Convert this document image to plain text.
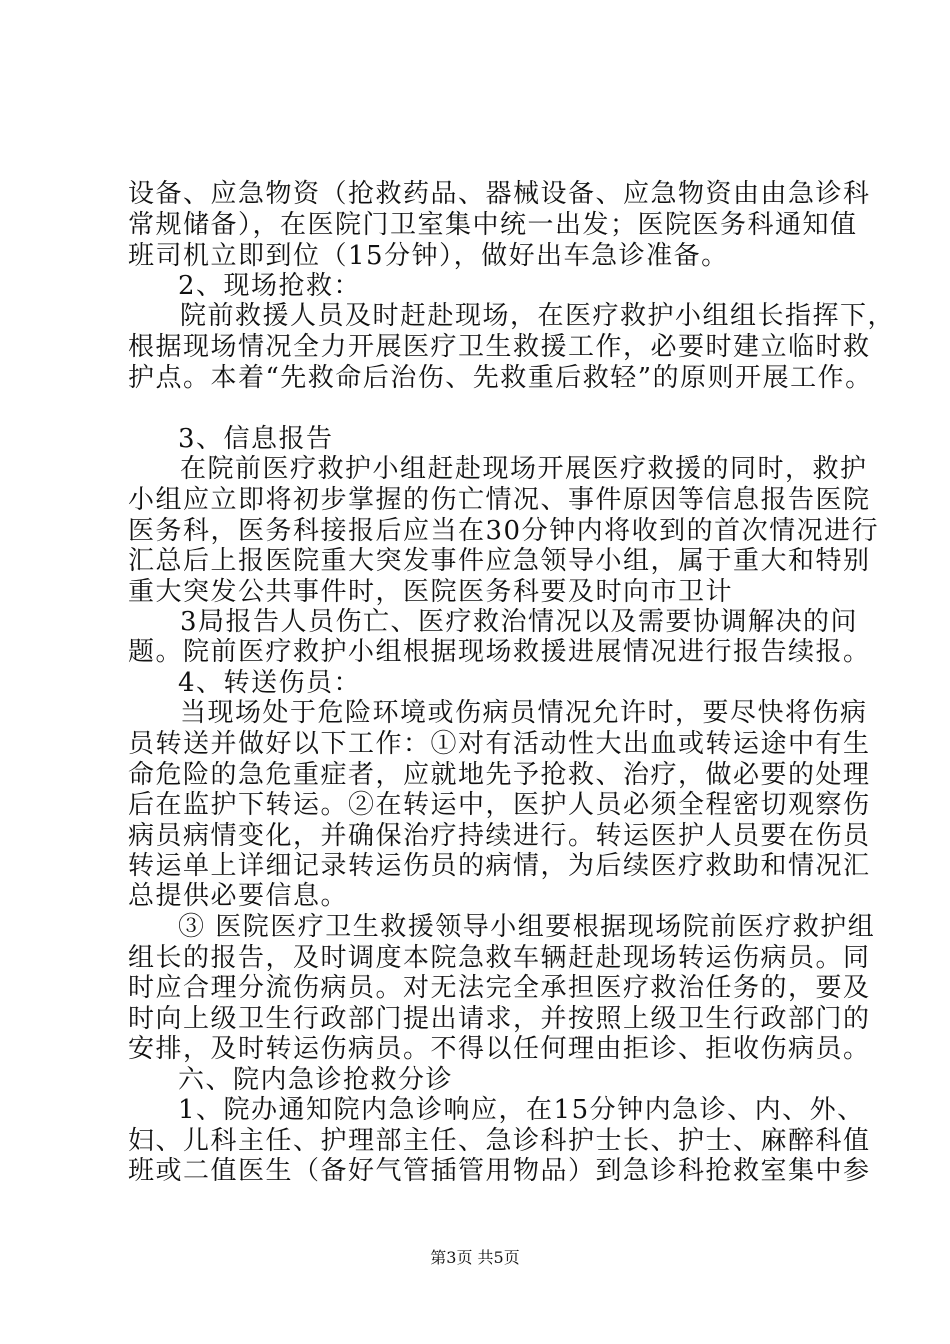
设备、应急物资（抢救药品、器械设备、应急物资由由急诊科
常规储备），在医院门卫室集中统一出发；医院医务科通知值
班司机立即到位（15分钟），做好出车急诊准备。
2、现场抢救：
院前救援人员及时赶赴现场，在医疗救护小组组长指挥下，
根据现场情况全力开展医疗卫生救援工作，必要时建立临时救
护点。本着“先救命后治伤、先救重后救轻”的原则开展工作。
3、信息报告
在院前医疗救护小组赶赴现场开展医疗救援的同时，救护
小组应立即将初步掌握的伤亡情况、事件原因等信息报告医院
医务科，医务科接报后应当在30分钟内将收到的首次情况进行
汇总后上报医院重大突发事件应急领导小组，属于重大和特别
重大突发公共事件时，医院医务科要及时向市卫计
3局报告人员伤亡、医疗救治情况以及需要协调解决的问
题。院前医疗救护小组根据现场救援进展情况进行报告续报。
4、转送伤员：
当现场处于危险环境或伤病员情况允许时，要尽快将伤病
员转送并做好以下工作：①对有活动性大出血或转运途中有生
命危险的急危重症者，应就地先予抢救、治疗，做必要的处理
后在监护下转运。②在转运中，医护人员必须全程密切观察伤
病员病情变化，并确保治疗持续进行。转运医护人员要在伤员
转运单上详细记录转运伤员的病情，为后续医疗救助和情况汇
总提供必要信息。
③ 医院医疗卫生救援领导小组要根据现场院前医疗救护组
组长的报告，及时调度本院急救车辆赶赴现场转运伤病员。同
时应合理分流伤病员。对无法完全承担医疗救治任务的，要及
时向上级卫生行政部门提出请求，并按照上级卫生行政部门的
安排，及时转运伤病员。不得以任何理由拒诊、拒收伤病员。
六、院内急诊抢救分诊
1、院办通知院内急诊响应，在15分钟内急诊、内、外、
妇、儿科主任、护理部主任、急诊科护士长、护士、麻醉科值
班或二值医生（备好气管插管用物品）到急诊科抢救室集中参
第3页 共5页
